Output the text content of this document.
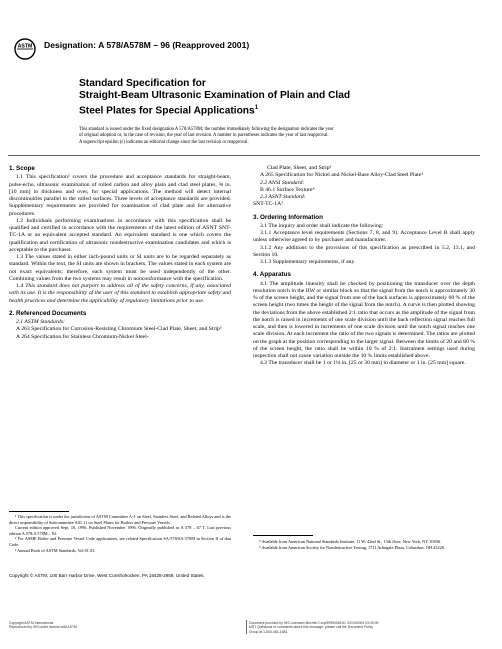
ASTM Designation: A 578/A578M – 96 (Reapproved 2001)
Standard Specification for
Straight-Beam Ultrasonic Examination of Plain and Clad
Steel Plates for Special Applications$^1$
This standard is issued under the fixed designation A 578/A578M; the number immediately following the designation indicates the year
of original adoption or, in the case of revision, the year of last revision. A number in parentheses indicates the year of last reapproval.
A superscript epsilon (ε) indicates an editorial change since the last revision or reapproval.

1. Scope

1.1 This specification² covers the procedure and acceptance standards for straight-beam, pulse-echo, ultrasonic examination of rolled carbon and alloy plain and clad steel plates, ⅜ in. [10 mm] in thickness and over, for special applications. The method will detect internal discontinuities parallel to the rolled surfaces. Three levels of acceptance standards are provided. Supplementary requirements are provided for examination of clad plate and for alternative procedures.

1.2 Individuals performing examinations in accordance with this specification shall be qualified and certified in accordance with the requirements of the latest edition of ASNT SNT-TC-1A or an equivalent accepted standard. An equivalent standard is one which covers the qualification and certification of ultrasonic nondestructive examination candidates and which is acceptable to the purchaser.

1.3 The values stated in either inch-pound units or SI units are to be regarded separately as standard. Within the text, the SI units are shown in brackets. The values stated in each system are not exact equivalents; therefore, each system must be used independently of the other. Combining values from the two systems may result in nonconformance with the specification.

1.4 This standard does not purport to address all of the safety concerns, if any, associated with its use. It is the responsibility of the user of this standard to establish appropriate safety and health practices and determine the applicability of regulatory limitations prior to use.

2. Referenced Documents

2.1 ASTM Standards:

A 263 Specification for Corrosion-Resisting Chromium Steel-Clad Plate, Sheet, and Strip³

A 264 Specification for Stainless Chromium-Nickel Steel-

¹ This specification is under the jurisdiction of ASTM Committee A-1 on Steel, Stainless Steel, and Related Alloys and is the direct responsibility of Subcommittee A01.11 on Steel Plates for Boilers and Pressure Vessels.

Current edition approved Sept. 10, 1996. Published November 1996. Originally published as A 578 – 67 T. Last previous edition A 578/A 578M – 92.

² For ASME Boiler and Pressure Vessel Code applications, see related Specification SA-578/SA-578M in Section II of that Code.

³ Annual Book of ASTM Standards, Vol 01.03.

Clad Plate, Sheet, and Strip³

A 265 Specification for Nickel and Nickel-Base Alloy-Clad Steel Plate³

2.2 ANSI Standard:

B 46.1 Surface Texture⁴

2.3 ASNT Standard:

SNT-TC-1A⁵

3. Ordering Information

3.1 The inquiry and order shall indicate the following:

3.1.1 Acceptance level requirements (Sections 7, 8, and 9). Acceptance Level B shall apply unless otherwise agreed to by purchaser and manufacturer.

3.1.2 Any additions to the provisions of this specification as prescribed in 5.2, 13.1, and Section 10.

3.1.3 Supplementary requirements, if any.

4. Apparatus

4.1 The amplitude linearity shall be checked by positioning the transducer over the depth resolution notch in the IIW or similar block so that the signal from the notch is approximately 30 % of the screen height, and the signal from one of the back surfaces is approximately 60 % of the screen height (two times the height of the signal from the notch). A curve is then plotted showing the deviations from the above established 2:1 ratio that occurs as the amplitude of the signal from the notch is raised in increments of one scale division until the back reflection signal reaches full scale, and then is lowered in increments of one scale division until the notch signal reaches one scale division. At each increment the ratio of the two signals is determined. The ratios are plotted on the graph at the position corresponding to the larger signal. Between the limits of 20 and 80 % of the screen height, the ratio shall be within 10 % of 2:1. Instrument settings used during inspection shall not cause variation outside the 10 % limits established above.

4.2 The transducer shall be 1 or 1⅛ in. [25 or 30 mm] in diameter or 1 in. [25 mm] square.

⁴ Available from American National Standards Institute, 11 W. 42nd St., 13th floor, New York, NY 10036.

⁵ Available from American Society for Nondestructive Testing, 1711 Arlingate Plaza, Columbus, OH 43228.

Copyright © ASTM, 100 Barr Harbor Drive, West Conshohocken, PA 19428-2959, United States.
· · · · · · · · · · · · · · ·
Copyright ASTM International
Reproduced by IHS under license with ASTM
Document provided by IHS Licensee=Bechtel Corp/9999056100, 02/19/2004 03:49:09
MST Questions or comments about this message: please call the Document Policy
Group at 1-800-451-1584.
